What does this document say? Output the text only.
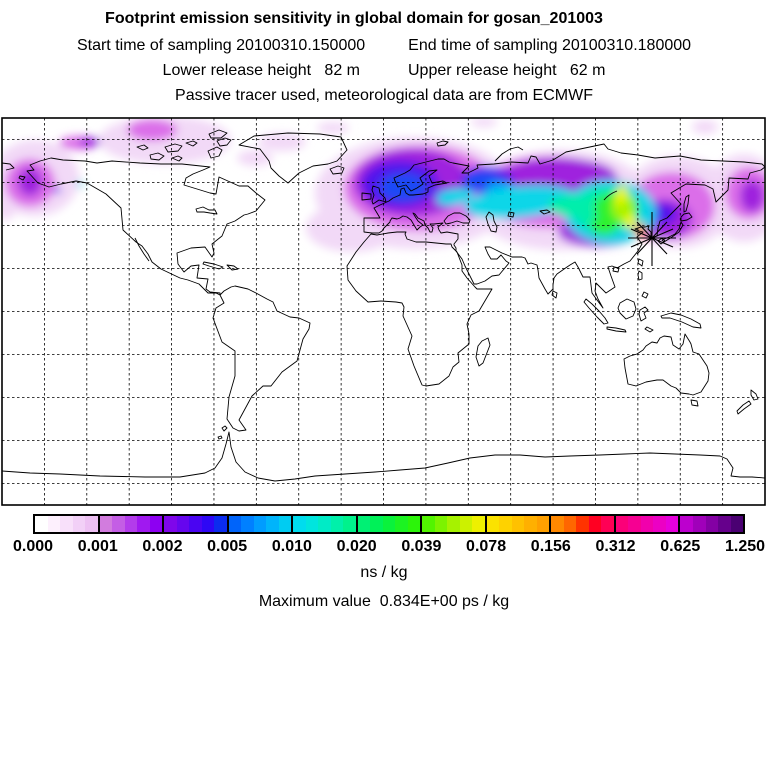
Footprint emission sensitivity in global domain for gosan_201003
Start time of sampling 20100310.150000	End time of sampling 20100310.180000
Lower release height   82 m	Upper release height   62 m
Passive tracer used, meteorological data are from ECMWF
0.000 0.001 0.002 0.005 0.010 0.020 0.039 0.078 0.156 0.312 0.625 1.250
ns / kg
Maximum value  0.834E+00 ps / kg
